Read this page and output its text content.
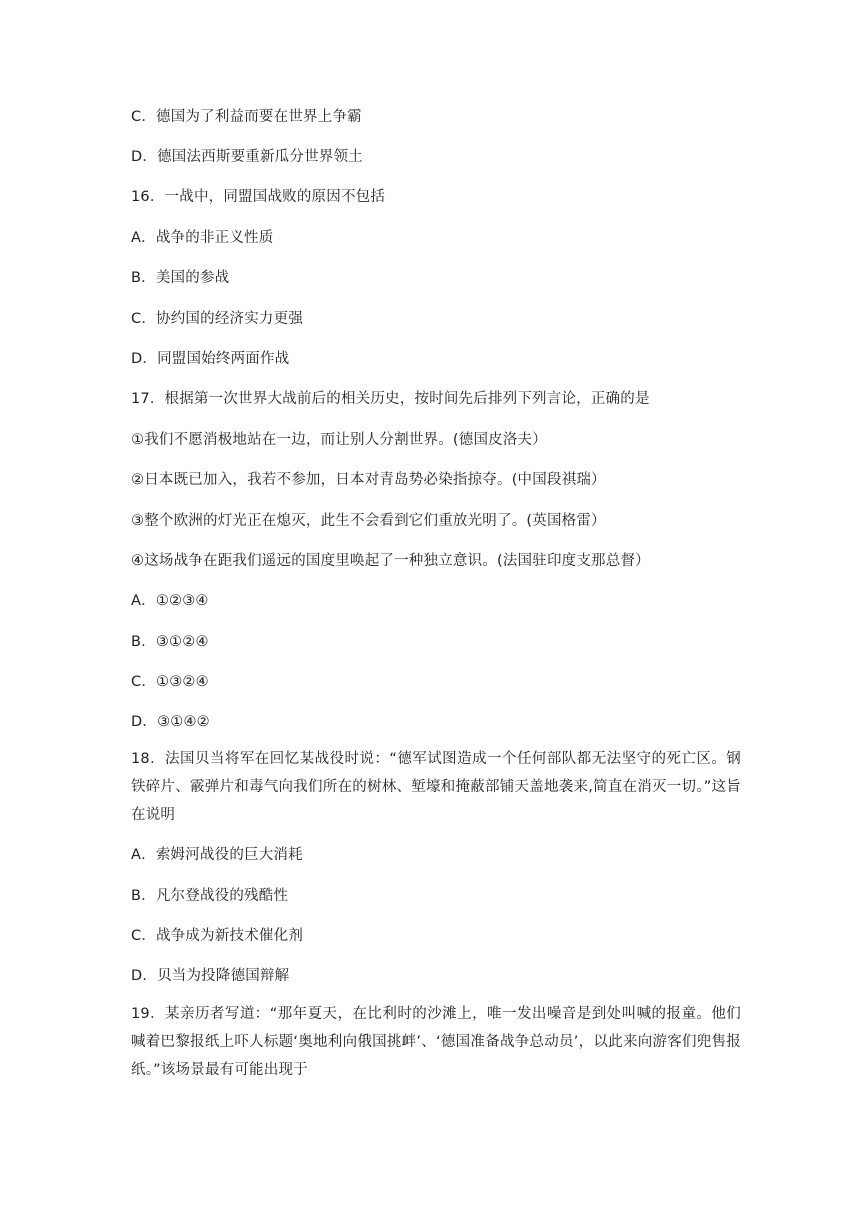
C．德国为了利益而要在世界上争霸
D．德国法西斯要重新瓜分世界领土
16．一战中，同盟国战败的原因不包括
A．战争的非正义性质
B．美国的参战
C．协约国的经济实力更强
D．同盟国始终两面作战
17．根据第一次世界大战前后的相关历史，按时间先后排列下列言论，正确的是
①我们不愿消极地站在一边，而让别人分割世界。(德国皮洛夫）
②日本既已加入，我若不参加，日本对青岛势必染指掠夺。(中国段祺瑞）
③整个欧洲的灯光正在熄灭，此生不会看到它们重放光明了。(英国格雷）
④这场战争在距我们遥远的国度里唤起了一种独立意识。(法国驻印度支那总督）
A．①②③④
B．③①②④
C．①③②④
D．③①④②
18．法国贝当将军在回忆某战役时说：“德军试图造成一个任何部队都无法坚守的死亡区。钢铁碎片、霰弹片和毒气向我们所在的树林、堑壕和掩蔽部铺天盖地袭来,简直在消灭一切。”这旨在说明
A．索姆河战役的巨大消耗
B．凡尔登战役的残酷性
C．战争成为新技术催化剂
D．贝当为投降德国辩解
19．某亲历者写道：“那年夏天，在比利时的沙滩上，唯一发出噪音是到处叫喊的报童。他们喊着巴黎报纸上吓人标题‘奥地利向俄国挑衅’、‘德国准备战争总动员’，以此来向游客们兜售报纸。”该场景最有可能出现于
